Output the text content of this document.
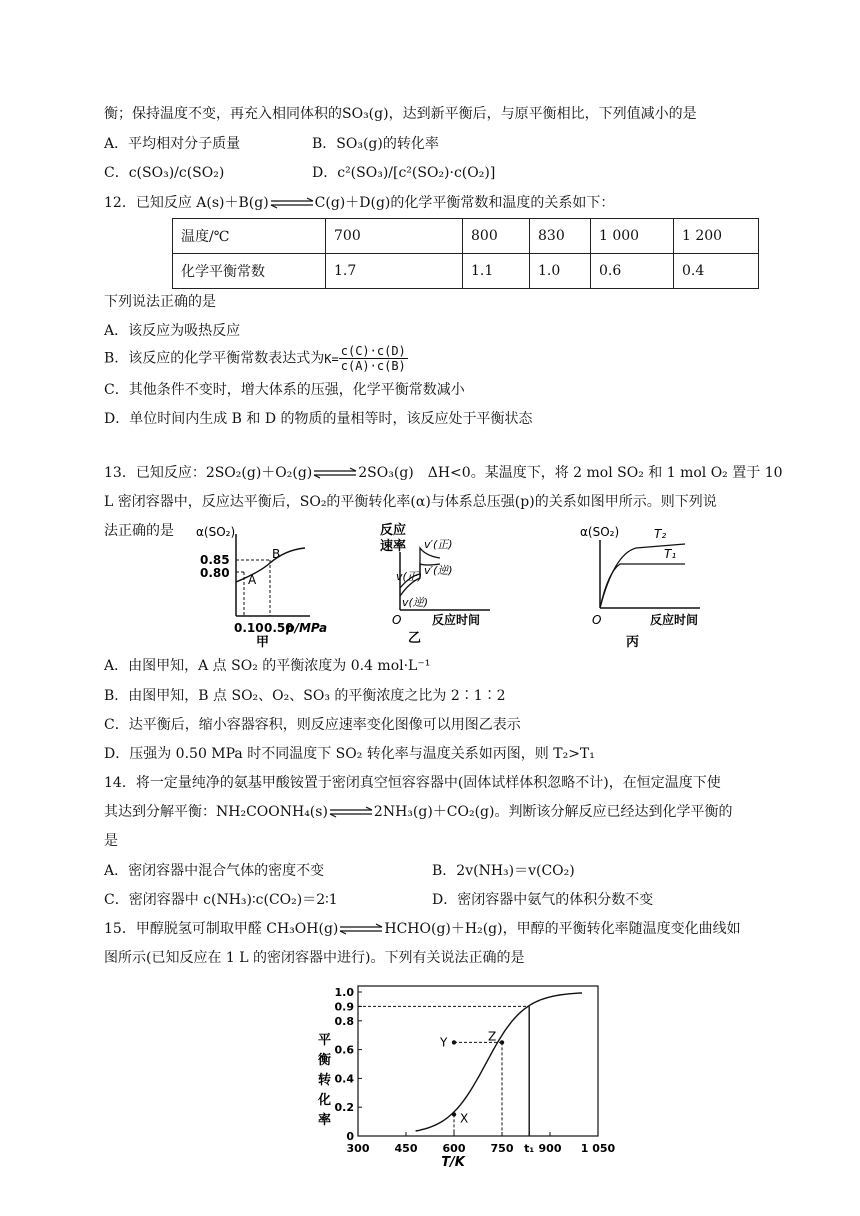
衡；保持温度不变，再充入相同体积的SO₃(g)，达到新平衡后，与原平衡相比，下列值减小的是
A．平均相对分子质量	B．SO₃(g)的转化率
C．c(SO₃)/c(SO₂)	D．c²(SO₃)/[c²(SO₂)·c(O₂)]
12．已知反应 A(s)＋B(g)⇌C(g)＋D(g)的化学平衡常数和温度的关系如下：
温度/℃	700	800	830	1 000	1 200
化学平衡常数	1.7	1.1	1.0	0.6	0.4
下列说法正确的是
A．该反应为吸热反应
B．该反应的化学平衡常数表达式为$K= \frac{c(C)\cdot c(D)}{c(A)\cdot c(B)}$
C．其他条件不变时，增大体系的压强，化学平衡常数减小
D．单位时间内生成 B 和 D 的物质的量相等时，该反应处于平衡状态
13．已知反应：2SO₂(g)＋O₂(g)⇌2SO₃(g)　ΔH<0。某温度下，将 2 mol SO₂ 和 1 mol O₂ 置于 10
L 密闭容器中，反应达平衡后，SO₂的平衡转化率(α)与体系总压强(p)的关系如图甲所示。则下列说
法正确的是 α(SO₂)
0.85
0.80 A
B
0.10 0.50
p/MPa
甲
反应
速率 v′(正)
v′(逆)
v(正)
v(逆)
O	反应时间
乙
α(SO₂)	T₂
T₁
O	反应时间
丙
A．由图甲知，A 点 SO₂ 的平衡浓度为 0.4 mol·L⁻¹
B．由图甲知，B 点 SO₂、O₂、SO₃ 的平衡浓度之比为 2∶1∶2
C．达平衡后，缩小容器容积，则反应速率变化图像可以用图乙表示
D．压强为 0.50 MPa 时不同温度下 SO₂ 转化率与温度关系如丙图，则 T₂>T₁
14．将一定量纯净的氨基甲酸铵置于密闭真空恒容容器中(固体试样体积忽略不计)，在恒定温度下使
其达到分解平衡：NH₂COONH₄(s)⇌2NH₃(g)＋CO₂(g)。判断该分解反应已经达到化学平衡的
是
A．密闭容器中混合气体的密度不变	B．2v(NH₃)＝v(CO₂)
C．密闭容器中 c(NH₃)∶c(CO₂)＝2∶1	D．密闭容器中氨气的体积分数不变
15．甲醇脱氢可制取甲醛 CH₃OH(g)⇌HCHO(g)＋H₂(g)，甲醇的平衡转化率随温度变化曲线如
图所示(已知反应在 1 L 的密闭容器中进行)。下列有关说法正确的是
平
衡
转
化
率
0
0.2
0.4
0.6
0.8
0.9
1.0
300 450 600 750 t₁ 900 1 050
X
Y	Z
T/K
